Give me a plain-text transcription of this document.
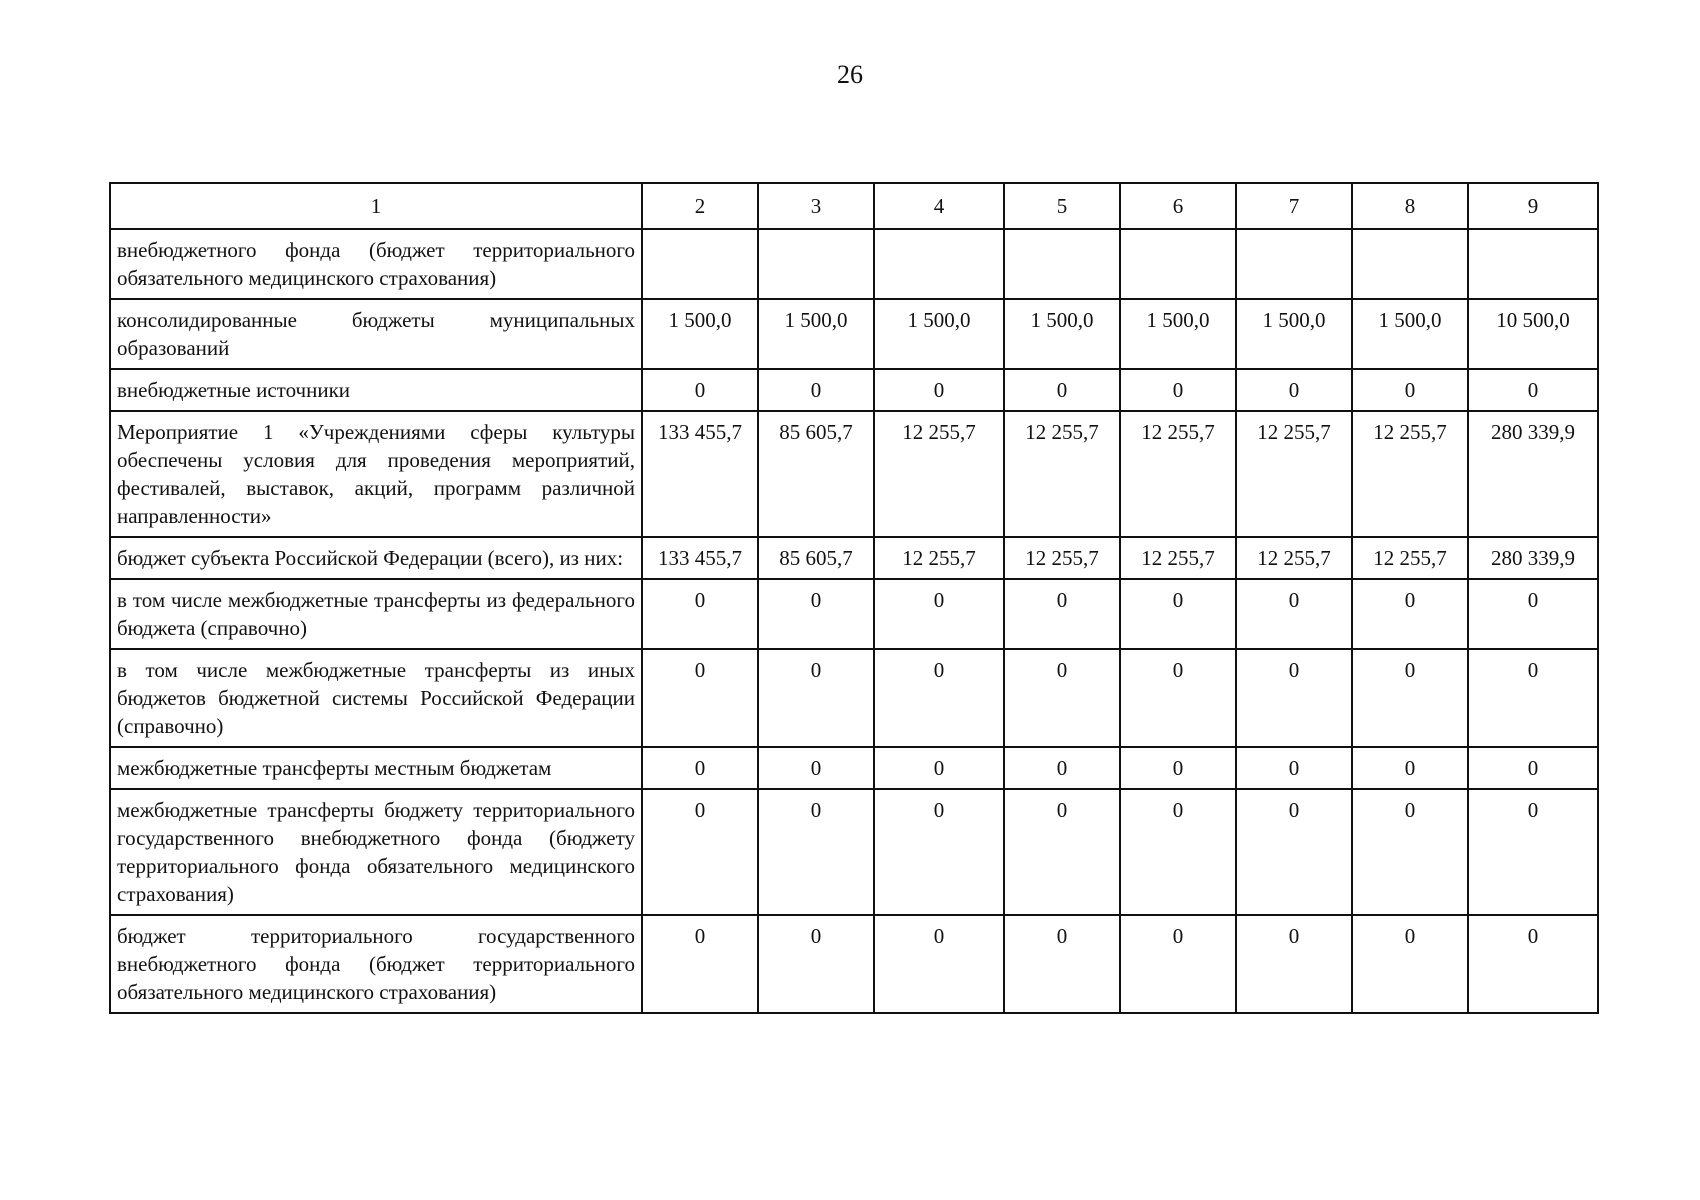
26
1	2	3	4	5	6	7	8	9
внебюджетного фонда (бюджет территориального обязательного медицинского страхования)								
консолидированные бюджеты муниципальных образований	1 500,0	1 500,0	1 500,0	1 500,0	1 500,0	1 500,0	1 500,0	10 500,0
внебюджетные источники	0	0	0	0	0	0	0	0
Мероприятие 1 «Учреждениями сферы культуры обеспечены условия для проведения мероприятий, фестивалей, выставок, акций, программ различной направленности»	133 455,7	85 605,7	12 255,7	12 255,7	12 255,7	12 255,7	12 255,7	280 339,9
бюджет субъекта Российской Федерации (всего), из них:	133 455,7	85 605,7	12 255,7	12 255,7	12 255,7	12 255,7	12 255,7	280 339,9
в том числе межбюджетные трансферты из федерального бюджета (справочно)	0	0	0	0	0	0	0	0
в том числе межбюджетные трансферты из иных бюджетов бюджетной системы Российской Федерации (справочно)	0	0	0	0	0	0	0	0
межбюджетные трансферты местным бюджетам	0	0	0	0	0	0	0	0
межбюджетные трансферты бюджету территориального государственного внебюджетного фонда (бюджету территориального фонда обязательного медицинского страхования)	0	0	0	0	0	0	0	0
бюджет территориального государственного внебюджетного фонда (бюджет территориального обязательного медицинского страхования)	0	0	0	0	0	0	0	0
